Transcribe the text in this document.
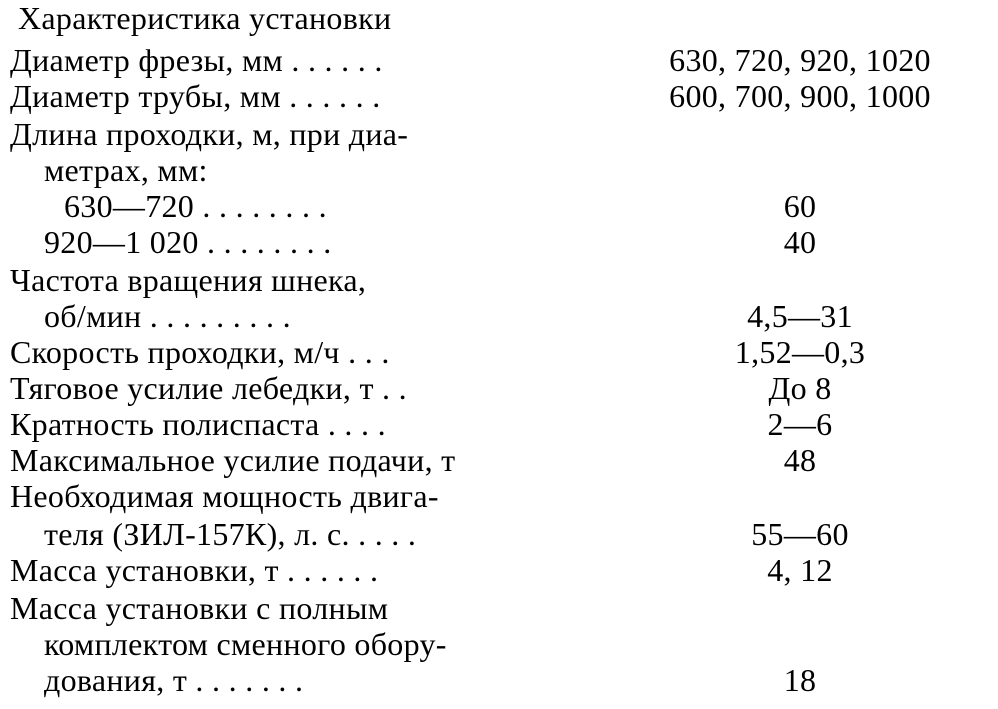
Характеристика установки
Диаметр фрезы, мм . . . . . .	630, 720, 920, 1020
Диаметр трубы, мм . . . . . .	600, 700, 900, 1000
Длина проходки, м, при диа-
метрах, мм:
630—720 . . . . . . . .	60
920—1 020 . . . . . . . .	40
Частота вращения шнека,
об/мин . . . . . . . . .	4,5—31
Скорость проходки, м/ч . . .	1,52—0,3
Тяговое усилие лебедки, т . .	До 8
Кратность полиспаста . . . .	2—6
Максимальное усилие подачи, т	48
Необходимая мощность двига-
теля (ЗИЛ-157К), л. с. . . . .	55—60
Масса установки, т . . . . . .	4, 12
Масса установки с полным
комплектом сменного обору-
дования, т . . . . . . .	18
